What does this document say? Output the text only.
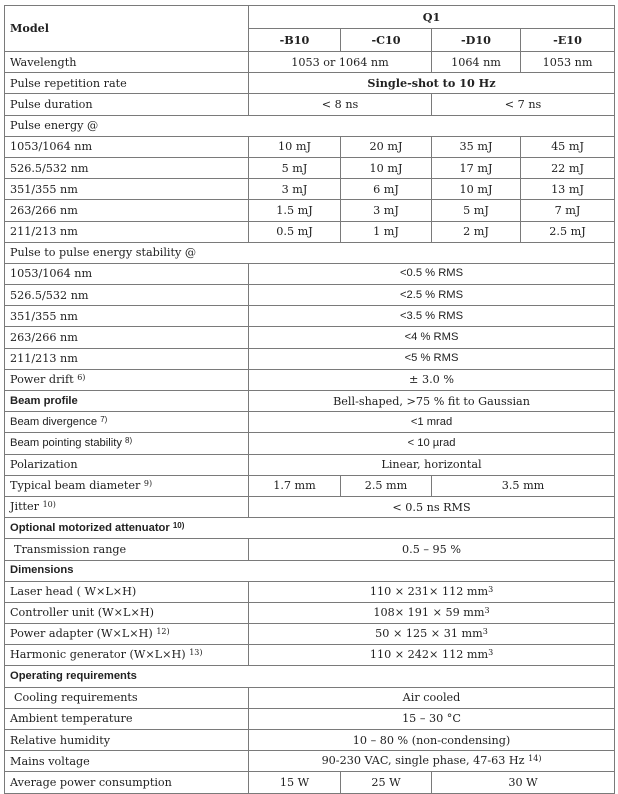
Model	Q1			
	-B10	-C10	-D10	-E10
Wavelength	1053 or 1064 nm		1064 nm	1053 nm
Pulse repetition rate	Single-shot to 10 Hz			
Pulse duration	< 8 ns		< 7 ns	
Pulse energy @				
1053/1064 nm	10 mJ	20 mJ	35 mJ	45 mJ
526.5/532 nm	5 mJ	10 mJ	17 mJ	22 mJ
351/355 nm	3 mJ	6 mJ	10 mJ	13 mJ
263/266 nm	1.5 mJ	3 mJ	5 mJ	7 mJ
211/213 nm	0.5 mJ	1 mJ	2 mJ	2.5 mJ
Pulse to pulse energy stability @				
1053/1064 nm	<0.5 % RMS			
526.5/532 nm	<2.5 % RMS			
351/355 nm	<3.5 % RMS			
263/266 nm	<4 % RMS			
211/213 nm	<5 % RMS			
Power drift $^{6)}$	± 3.0 %			
Beam profile	Bell-shaped, >75 % fit to Gaussian			
Beam divergence $^{7)}$	<1 mrad			
Beam pointing stability $^{8)}$	< 10 µrad			
Polarization	Linear, horizontal			
Typical beam diameter $^{9)}$	1.7 mm	2.5 mm	3.5 mm	
Jitter $^{10)}$	< 0.5 ns RMS			
Optional motorized attenuator $^{10)}$
Transmission range	0.5 – 95 %			
Dimensions				
Laser head ( W×L×H)	110 × 231× 112 $mm^3$
Controller unit (W×L×H)	108× 191 × 59 $mm^3$
Power adapter (W×L×H) $^{12)}$	50 × 125 × 31 $mm^3$
Harmonic generator (W×L×H) $^{13)}$	110 × 242× 112 $mm^3$
Operating requirements				
Cooling requirements	Air cooled			
Ambient temperature	15 – 30 °C			
Relative humidity	10 – 80 % (non-condensing)			
Mains voltage	90-230 VAC, single phase, 47-63 Hz $^{14)}$
Average power consumption	15 W	25 W	30 W	
